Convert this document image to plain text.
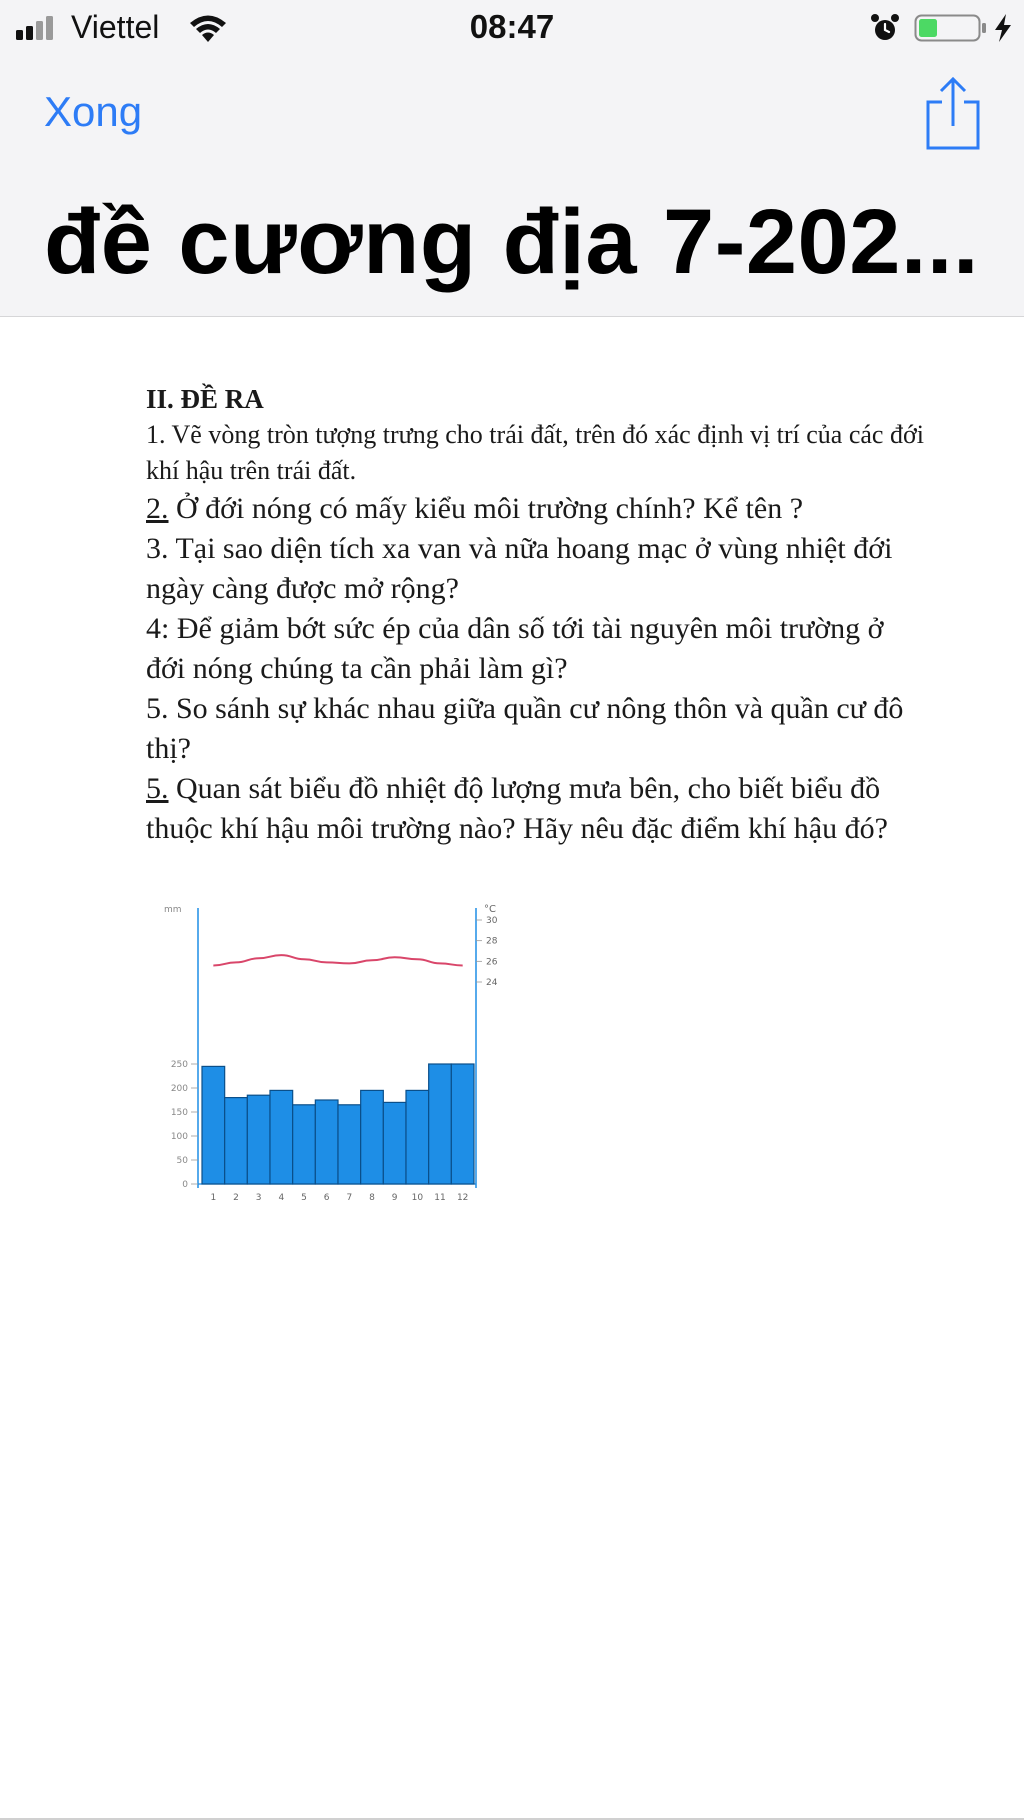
Viettel	08:47
Xong
đề cương địa 7-202...
II. ĐỀ RA

1. Vẽ vòng tròn tượng trưng cho trái đất, trên đó xác định vị trí của các đới khí hậu trên trái đất.

2. Ở đới nóng có mấy kiểu môi trường chính? Kể tên ?

3. Tại sao diện tích xa van và nữa hoang mạc ở vùng nhiệt đới ngày càng được mở rộng?

4: Để giảm bớt sức ép của dân số tới tài nguyên môi trường ở đới nóng chúng ta cần phải làm gì?

5. So sánh sự khác nhau giữa quần cư nông thôn và quần cư đô thị?

5. Quan sát biểu đồ nhiệt độ lượng mưa bên, cho biết biểu đồ thuộc khí hậu môi trường nào? Hãy nêu đặc điểm khí hậu đó?

mm	°C
1 2 3 4 5 6 7 8 9 10 11 12
0
50
100
150
200
250
24
26
28
30
